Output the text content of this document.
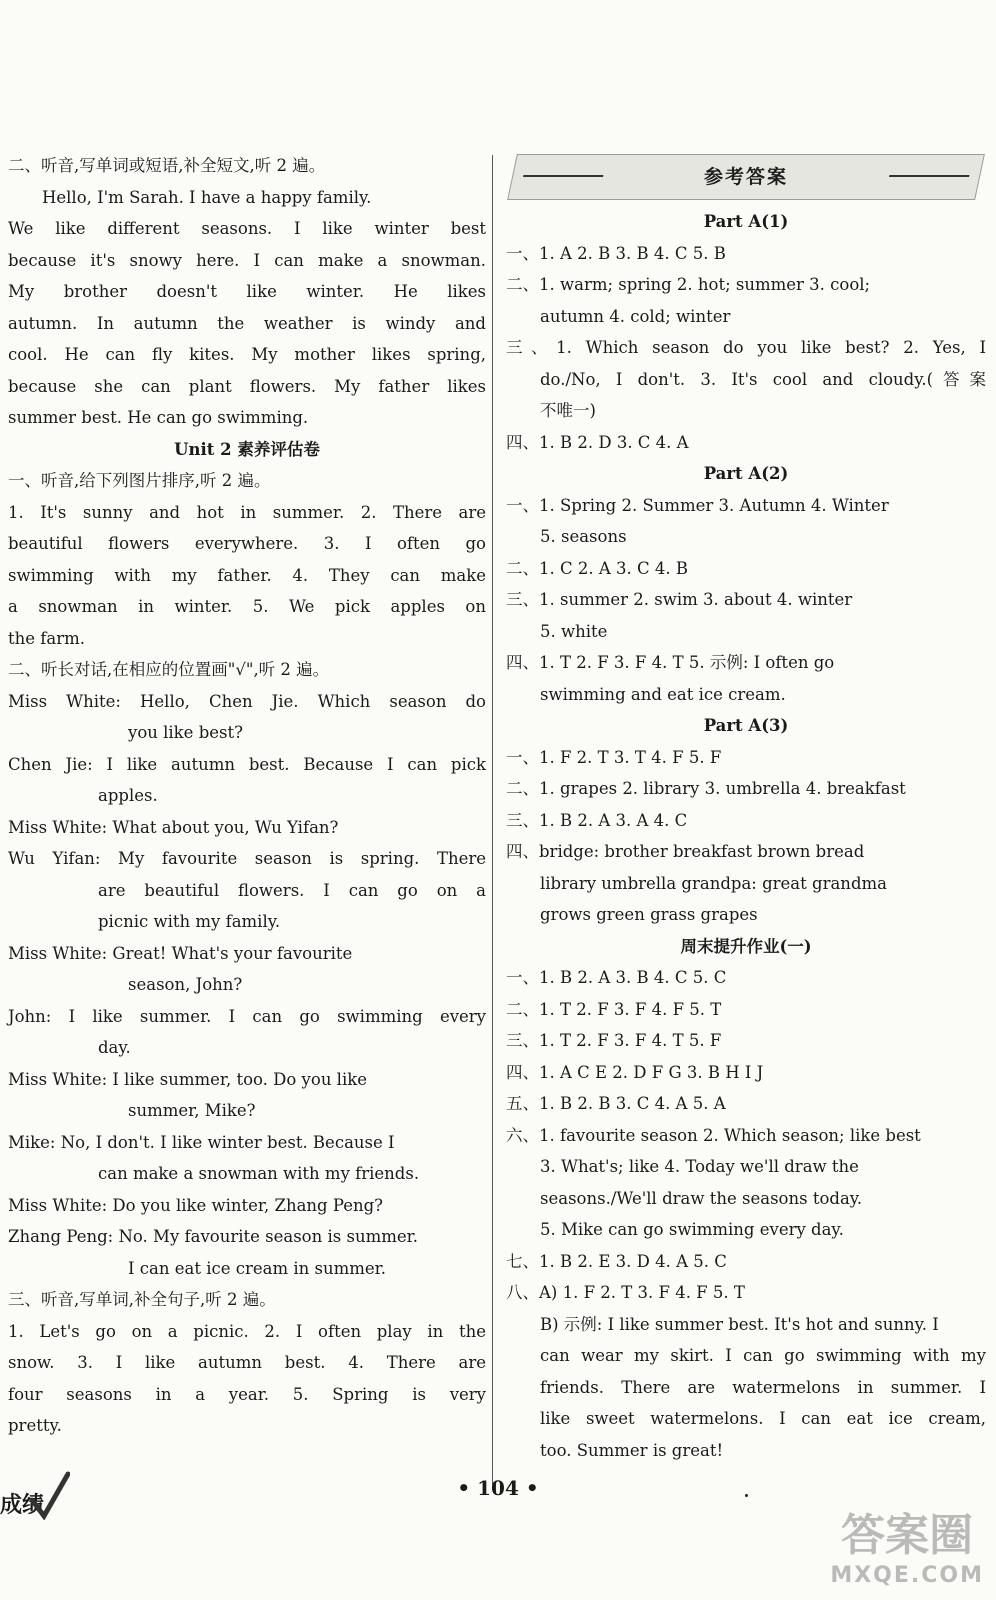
二、听音,写单词或短语,补全短文,听 2 遍。
Hello, I'm Sarah. I have a happy family.
We like different seasons. I like winter best
because it's snowy here. I can make a snowman.
My brother doesn't like winter. He likes
autumn. In autumn the weather is windy and
cool. He can fly kites. My mother likes spring,
because she can plant flowers. My father likes
summer best. He can go swimming.
Unit 2 素养评估卷
一、听音,给下列图片排序,听 2 遍。
1. It's sunny and hot in summer. 2. There are
beautiful flowers everywhere. 3. I often go
swimming with my father. 4. They can make
a snowman in winter. 5. We pick apples on
the farm.
二、听长对话,在相应的位置画"√",听 2 遍。
Miss White: Hello, Chen Jie. Which season do
you like best?
Chen Jie: I like autumn best. Because I can pick
apples.
Miss White: What about you, Wu Yifan?
Wu Yifan: My favourite season is spring. There
are beautiful flowers. I can go on a
picnic with my family.
Miss White: Great! What's your favourite
season, John?
John: I like summer. I can go swimming every
day.
Miss White: I like summer, too. Do you like
summer, Mike?
Mike: No, I don't. I like winter best. Because I
can make a snowman with my friends.
Miss White: Do you like winter, Zhang Peng?
Zhang Peng: No. My favourite season is summer.
I can eat ice cream in summer.
三、听音,写单词,补全句子,听 2 遍。
1. Let's go on a picnic. 2. I often play in the
snow. 3. I like autumn best. 4. There are
four seasons in a year. 5. Spring is very
pretty.
参考答案
Part A(1)
一、1. A 2. B 3. B 4. C 5. B
二、1. warm; spring 2. hot; summer 3. cool;
autumn 4. cold; winter
三、1. Which season do you like best? 2. Yes, I
do./No, I don't. 3. It's cool and cloudy.(答案
不唯一)
四、1. B 2. D 3. C 4. A
Part A(2)
一、1. Spring 2. Summer 3. Autumn 4. Winter
5. seasons
二、1. C 2. A 3. C 4. B
三、1. summer 2. swim 3. about 4. winter
5. white
四、1. T 2. F 3. F 4. T 5. 示例: I often go
swimming and eat ice cream.
Part A(3)
一、1. F 2. T 3. T 4. F 5. F
二、1. grapes 2. library 3. umbrella 4. breakfast
三、1. B 2. A 3. A 4. C
四、bridge: brother breakfast brown bread
library umbrella grandpa: great grandma
grows green grass grapes
周末提升作业(一)
一、1. B 2. A 3. B 4. C 5. C
二、1. T 2. F 3. F 4. F 5. T
三、1. T 2. F 3. F 4. T 5. F
四、1. A C E 2. D F G 3. B H I J
五、1. B 2. B 3. C 4. A 5. A
六、1. favourite season 2. Which season; like best
3. What's; like 4. Today we'll draw the
seasons./We'll draw the seasons today.
5. Mike can go swimming every day.
七、1. B 2. E 3. D 4. A 5. C
八、A) 1. F 2. T 3. F 4. F 5. T
B) 示例: I like summer best. It's hot and sunny. I
can wear my skirt. I can go swimming with my
friends. There are watermelons in summer. I
like sweet watermelons. I can eat ice cream,
too. Summer is great!
成绩
• 104 •
答案圈
MXQE.COM
